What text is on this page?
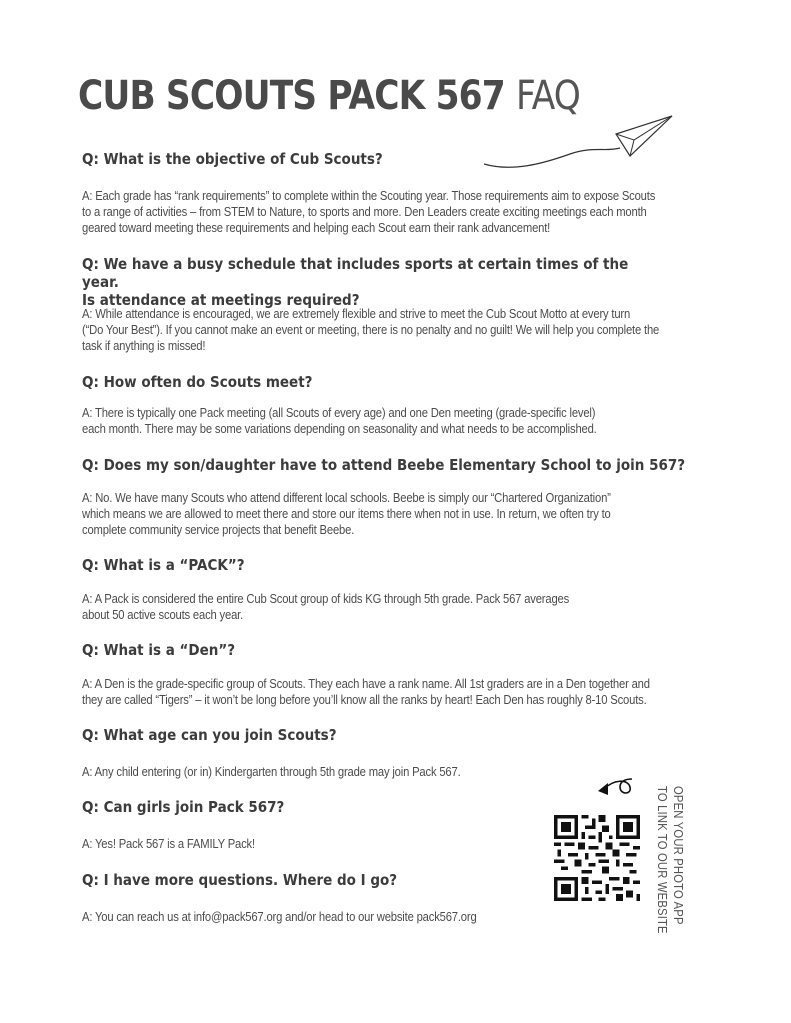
CUB SCOUTS PACK 567 FAQ

Q: What is the objective of Cub Scouts?

A: Each grade has “rank requirements” to complete within the Scouting year. Those requirements aim to expose Scouts
to a range of activities – from STEM to Nature, to sports and more. Den Leaders create exciting meetings each month
geared toward meeting these requirements and helping each Scout earn their rank advancement!

Q: We have a busy schedule that includes sports at certain times of the year.
Is attendance at meetings required?

A: While attendance is encouraged, we are extremely flexible and strive to meet the Cub Scout Motto at every turn
(“Do Your Best”). If you cannot make an event or meeting, there is no penalty and no guilt! We will help you complete the
task if anything is missed!

Q: How often do Scouts meet?

A: There is typically one Pack meeting (all Scouts of every age) and one Den meeting (grade-specific level)
each month. There may be some variations depending on seasonality and what needs to be accomplished.

Q: Does my son/daughter have to attend Beebe Elementary School to join 567?

A: No. We have many Scouts who attend different local schools. Beebe is simply our “Chartered Organization”
which means we are allowed to meet there and store our items there when not in use. In return, we often try to
complete community service projects that benefit Beebe.

Q: What is a “PACK”?

A: A Pack is considered the entire Cub Scout group of kids KG through 5th grade. Pack 567 averages
about 50 active scouts each year.

Q: What is a “Den”?

A: A Den is the grade-specific group of Scouts. They each have a rank name. All 1st graders are in a Den together and
they are called “Tigers” – it won’t be long before you’ll know all the ranks by heart! Each Den has roughly 8-10 Scouts.

Q: What age can you join Scouts?

A: Any child entering (or in) Kindergarten through 5th grade may join Pack 567.

Q: Can girls join Pack 567?

A: Yes! Pack 567 is a FAMILY Pack!

Q: I have more questions. Where do I go?

A: You can reach us at info@pack567.org and/or head to our website pack567.org	OPEN YOUR PHOTO APP
TO LINK TO OUR WEBSITE
